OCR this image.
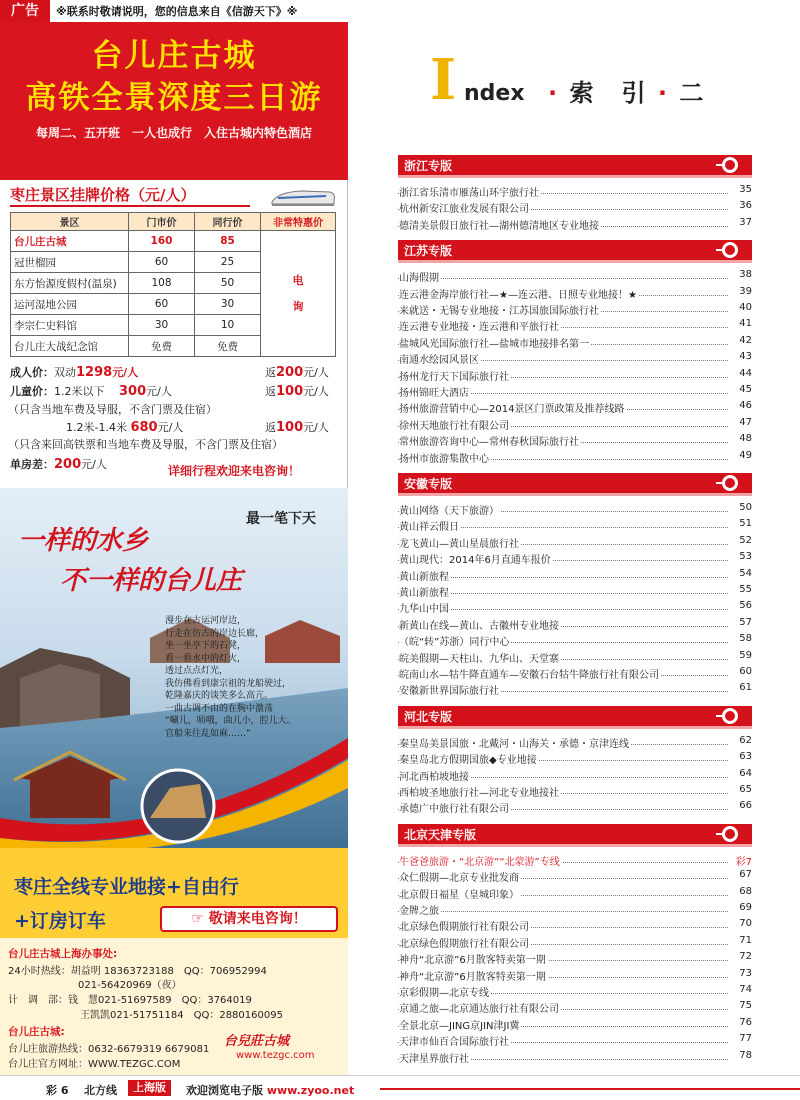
广告	※联系时敬请说明，您的信息来自《信游天下》※
台儿庄古城
高铁全景深度三日游
每周二、五开班　一人也成行　入住古城内特色酒店
枣庄景区挂牌价格（元/人）
景区	门市价	同行价	非常特惠价
台儿庄古城	160	85	电
询
冠世榴园	60	25	
东方怡源度假村(温泉)	108	50	
运河湿地公园	60	30	
李宗仁史料馆	30	10	
台儿庄大战纪念馆	免费	免费	
成人价：双动1298元/人	返200元/人
儿童价：1.2米以下　 300元/人	返100元/人
（只含当地车费及导服，不含门票及住宿）
1.2米-1.4米 680元/人	返100元/人
（只含来回高铁票和当地车费及导服，不含门票及住宿）
单房差：200元/人	详细行程欢迎来电咨询！
最一笔下天
一样的水乡
不一样的台儿庄
漫步在古运河岸边，
行走在仿古的岸边长廊，
坐一坐亭下的石凳，
看一看水中的灯火，
透过点点灯光，
我仿佛看到康宗祖的龙船驶过，
乾隆嘉庆的谈笑多么高亢。
一曲古调不由的在胸中激荡
“唰儿，唝哦，曲儿小，腔儿大。
官船来往乱如麻……”
枣庄全线专业地接+自由行
+订房订车	☞ 敬请来电咨询！
台儿庄古城上海办事处:
24小时热线：胡益明 18363723188　QQ：706952994
021-56420969（夜）
计　调　部：钱　慧021-51697589　QQ：3764019
王凯凯021-51751184　QQ：2880160095
台儿庄古城:
台儿庄旅游热线：0632-6679319 6679081
台儿庄官方网址：WWW.TEZGC.COM
台兒莊古城
www.tezgc.com
I ndex · 索　引 · 二
浙江专版
浙江省乐清市雁荡山环宇旅行社	35
杭州新安江旅业发展有限公司	36
德清美景假日旅行社—湖州德清地区专业地接	37
江苏专版
山海假期	38
连云港金海岸旅行社—★—连云港、日照专业地接！★	39
来就送・无锡专业地接・江苏国旅国际旅行社	40
连云港专业地接・连云港和平旅行社	41
盐城风光国际旅行社—盐城市地接排名第一	42
南通水绘园风景区	43
扬州龙行天下国际旅行社	44
扬州锦旺大酒店	45
扬州旅游营销中心—2014景区门票政策及推荐线路	46
徐州天地旅行社有限公司	47
常州旅游咨询中心—常州春秋国际旅行社	48
扬州市旅游集散中心	49
安徽专版
黄山网络（天下旅游）	50
黄山祥云假日	51
龙飞黄山—黄山星晨旅行社	52
黄山现代：2014年6月直通车报价	53
黄山新旅程	54
黄山新旅程	55
九华山中国	56
新黄山在线—黄山、古徽州专业地接	57
（皖“转”苏浙）同行中心	58
皖美假期—天柱山、九华山、天堂寨	59
皖南山水—牯牛降直通车—安徽石台牯牛降旅行社有限公司	60
安徽新世界国际旅行社	61
河北专版
秦皇岛美景国旅・北戴河・山海关・承德・京津连线	62
秦皇岛北方假期国旅◆专业地接	63
河北西柏坡地接	64
西柏坡圣地旅行社—河北专业地接社	65
承德广中旅行社有限公司	66
北京天津专版
牛爸爸旅游・“北京游”“北蒙游”专线	彩7
众仁假期—北京专业批发商	67
北京假日福星（皇城印象）	68
金牌之旅	69
北京绿色假期旅行社有限公司	70
北京绿色假期旅行社有限公司	71
神舟“北京游”6月散客特卖第一期	72
神舟“北京游”6月散客特卖第一期	73
京彩假期—北京专线	74
京通之旅—北京通达旅行社有限公司	75
全景北京—JING京JIN津JI冀	76
天津市仙百合国际旅行社	77
天津星界旅行社	78
彩 6 北方线	上海版	欢迎浏览电子版 www.zyoo.net
